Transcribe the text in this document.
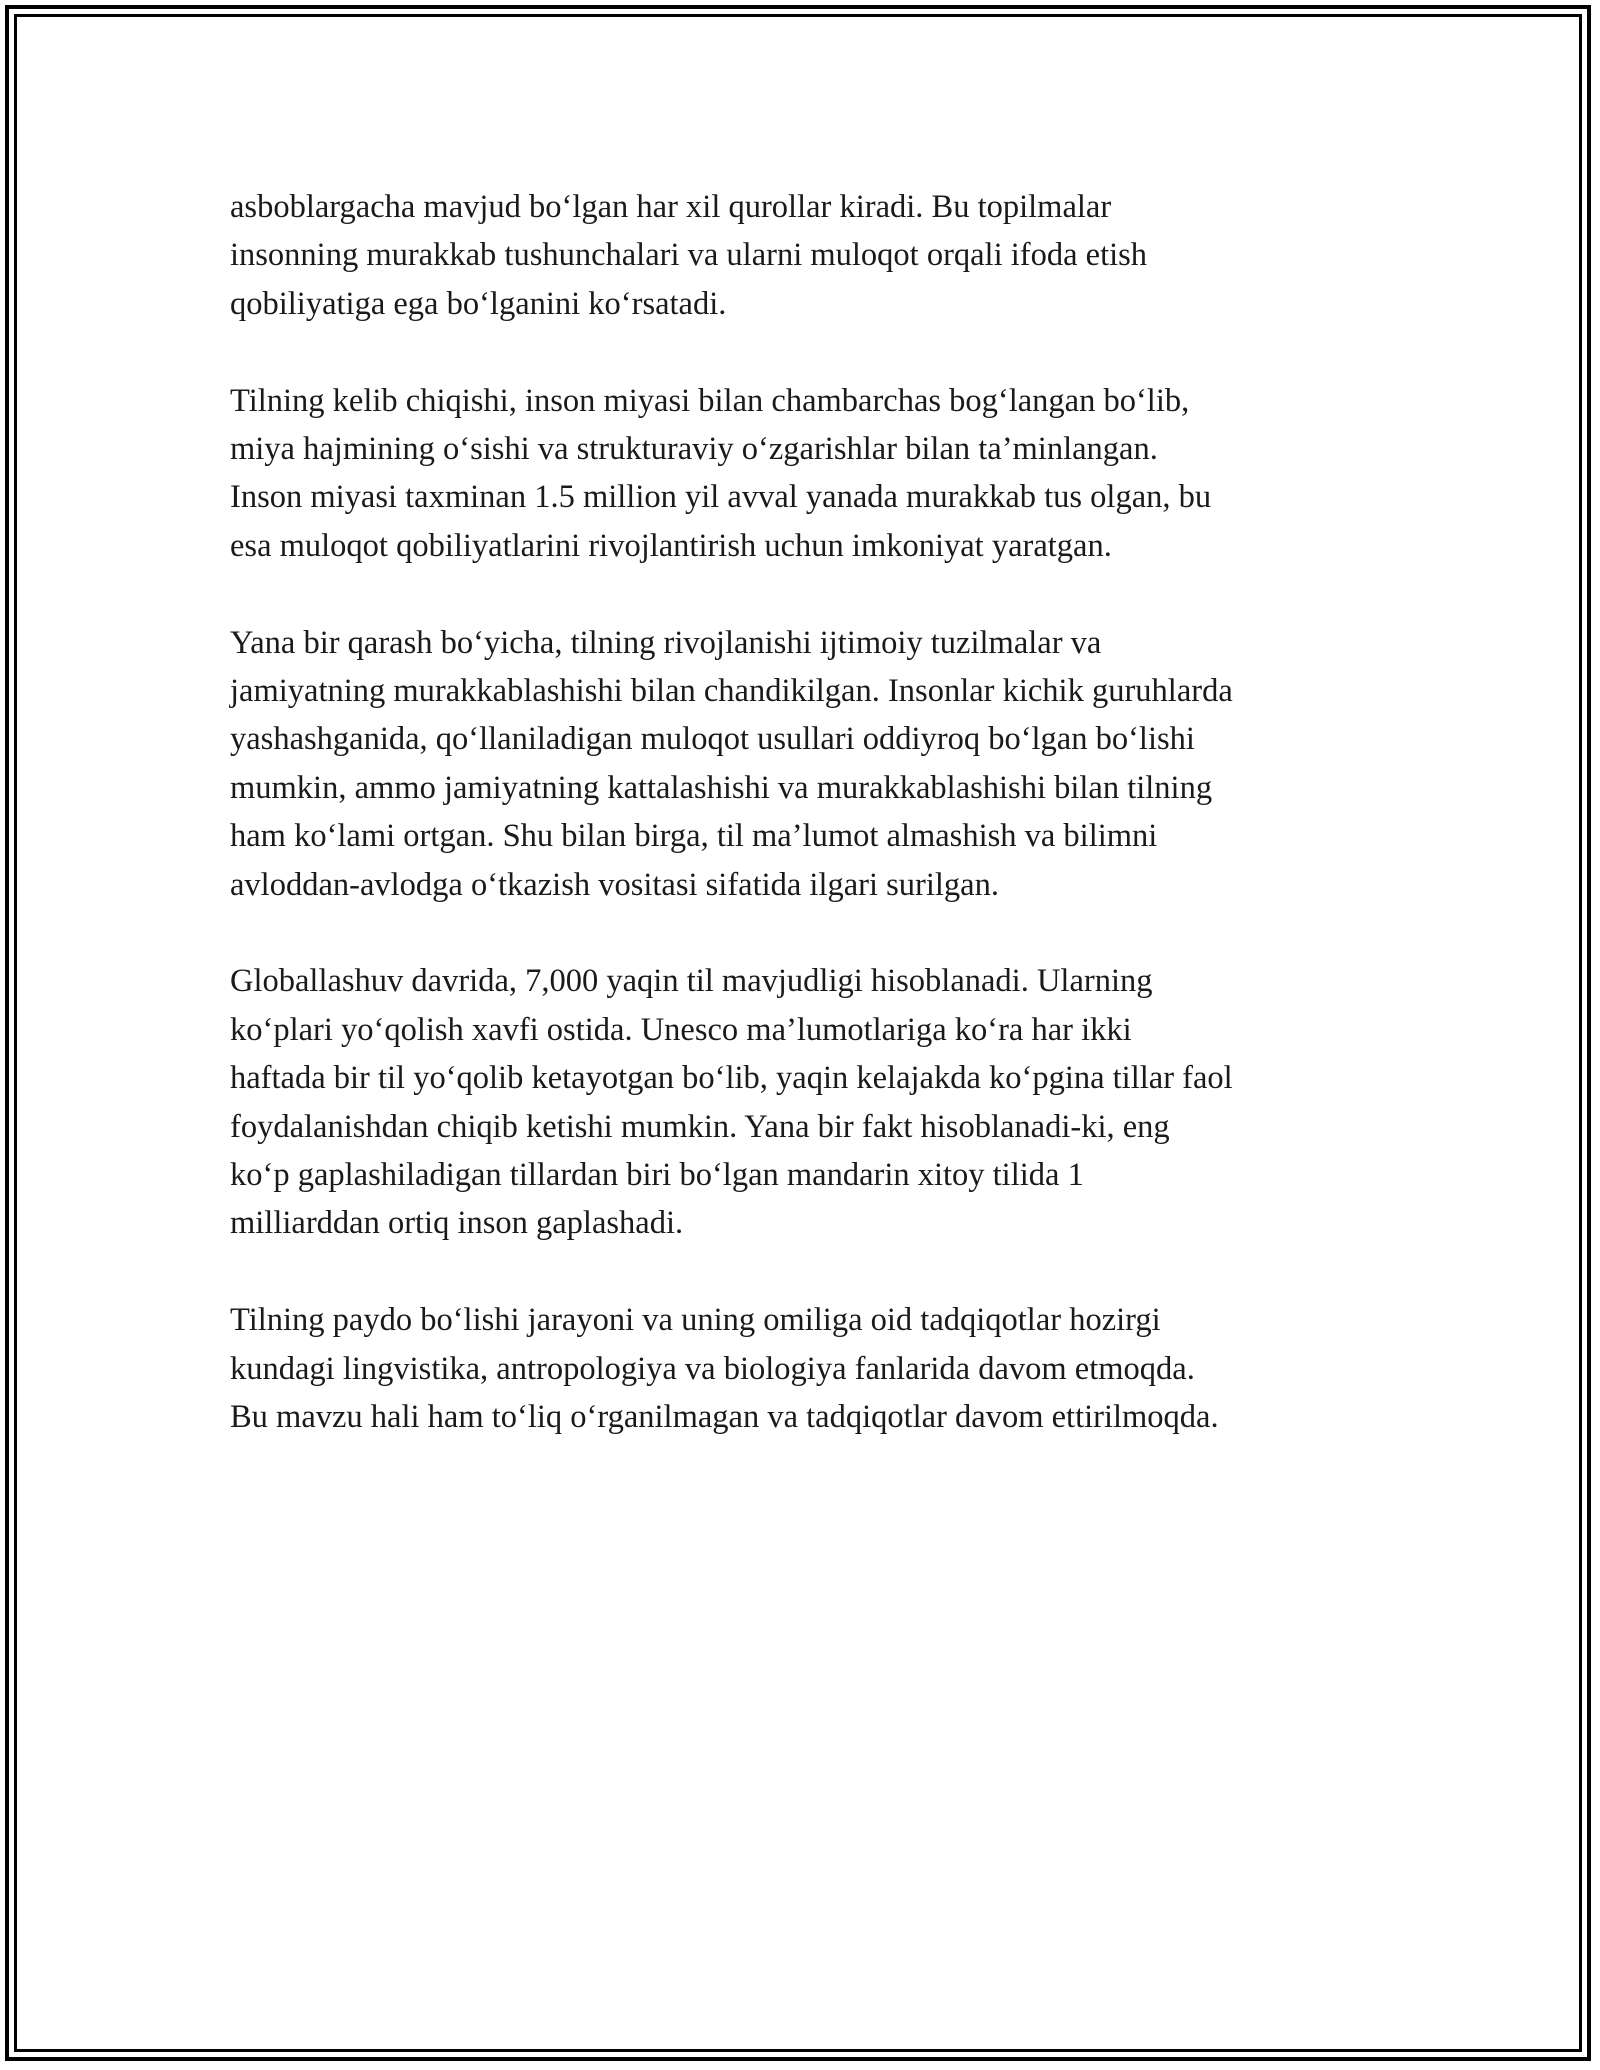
asboblargacha mavjud bo‘lgan har xil qurollar kiradi. Bu topilmalar
insonning murakkab tushunchalari va ularni muloqot orqali ifoda etish
qobiliyatiga ega bo‘lganini ko‘rsatadi.

Tilning kelib chiqishi, inson miyasi bilan chambarchas bog‘langan bo‘lib,
miya hajmining o‘sishi va strukturaviy o‘zgarishlar bilan ta’minlangan.
Inson miyasi taxminan 1.5 million yil avval yanada murakkab tus olgan, bu
esa muloqot qobiliyatlarini rivojlantirish uchun imkoniyat yaratgan.

Yana bir qarash bo‘yicha, tilning rivojlanishi ijtimoiy tuzilmalar va
jamiyatning murakkablashishi bilan chandikilgan. Insonlar kichik guruhlarda
yashashganida, qo‘llaniladigan muloqot usullari oddiyroq bo‘lgan bo‘lishi
mumkin, ammo jamiyatning kattalashishi va murakkablashishi bilan tilning
ham ko‘lami ortgan. Shu bilan birga, til ma’lumot almashish va bilimni
avloddan-avlodga o‘tkazish vositasi sifatida ilgari surilgan.

Globallashuv davrida, 7,000 yaqin til mavjudligi hisoblanadi. Ularning
ko‘plari yo‘qolish xavfi ostida. Unesco ma’lumotlariga ko‘ra har ikki
haftada bir til yo‘qolib ketayotgan bo‘lib, yaqin kelajakda ko‘pgina tillar faol
foydalanishdan chiqib ketishi mumkin. Yana bir fakt hisoblanadi-ki, eng
ko‘p gaplashiladigan tillardan biri bo‘lgan mandarin xitoy tilida 1
milliarddan ortiq inson gaplashadi.

Tilning paydo bo‘lishi jarayoni va uning omiliga oid tadqiqotlar hozirgi
kundagi lingvistika, antropologiya va biologiya fanlarida davom etmoqda.
Bu mavzu hali ham to‘liq o‘rganilmagan va tadqiqotlar davom ettirilmoqda.
